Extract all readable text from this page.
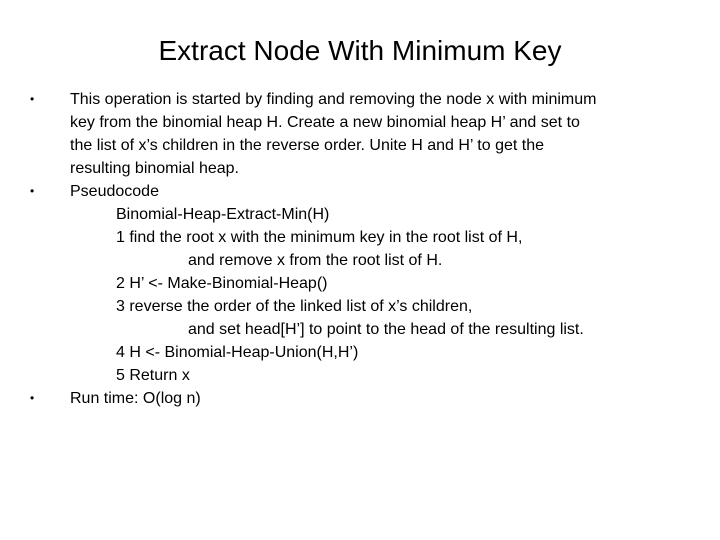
Extract Node With Minimum Key
• This operation is started by finding and removing the node x with minimum
key from the binomial heap H. Create a new binomial heap H’ and set to
the list of x’s children in the reverse order. Unite H and H’ to get the
resulting binomial heap.
• Pseudocode
Binomial-Heap-Extract-Min(H)
1 find the root x with the minimum key in the root list of H,
and remove x from the root list of H.
2 H’ <- Make-Binomial-Heap()
3 reverse the order of the linked list of x’s children,
and set head[H’] to point to the head of the resulting list.
4 H <- Binomial-Heap-Union(H,H’)
5 Return x
• Run time: O(log n)
